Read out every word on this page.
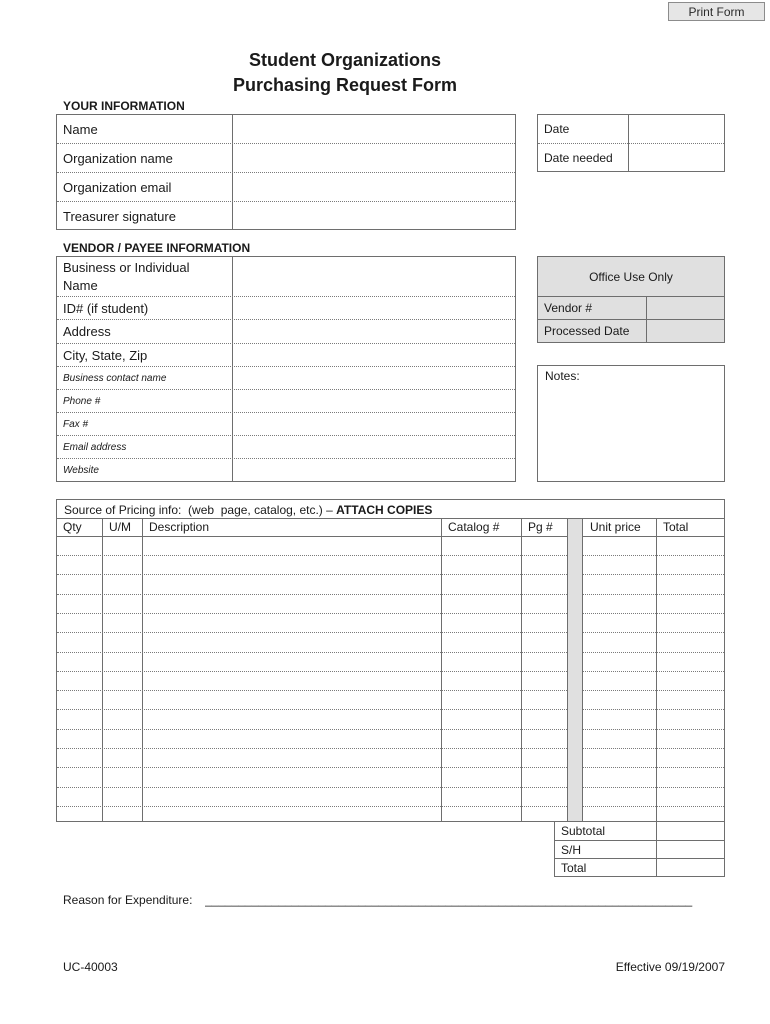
Print Form
Student Organizations
Purchasing Request Form
YOUR INFORMATION
Name
Organization name
Organization email
Treasurer signature
Date
Date needed
VENDOR / PAYEE INFORMATION
Business or Individual Name
ID# (if student)
Address
City, State, Zip
Business contact name
Phone #
Fax #
Email address
Website
Office Use Only
Vendor #
Processed Date
Notes:
Source of Pricing info:  (web  page, catalog, etc.) – ATTACH COPIES
Qty	U/M	Description	Catalog #	Pg #	Unit price	Total
Subtotal
S/H
Total
Reason for Expenditure: _________________________________________________________________________
UC-40003	Effective 09/19/2007
